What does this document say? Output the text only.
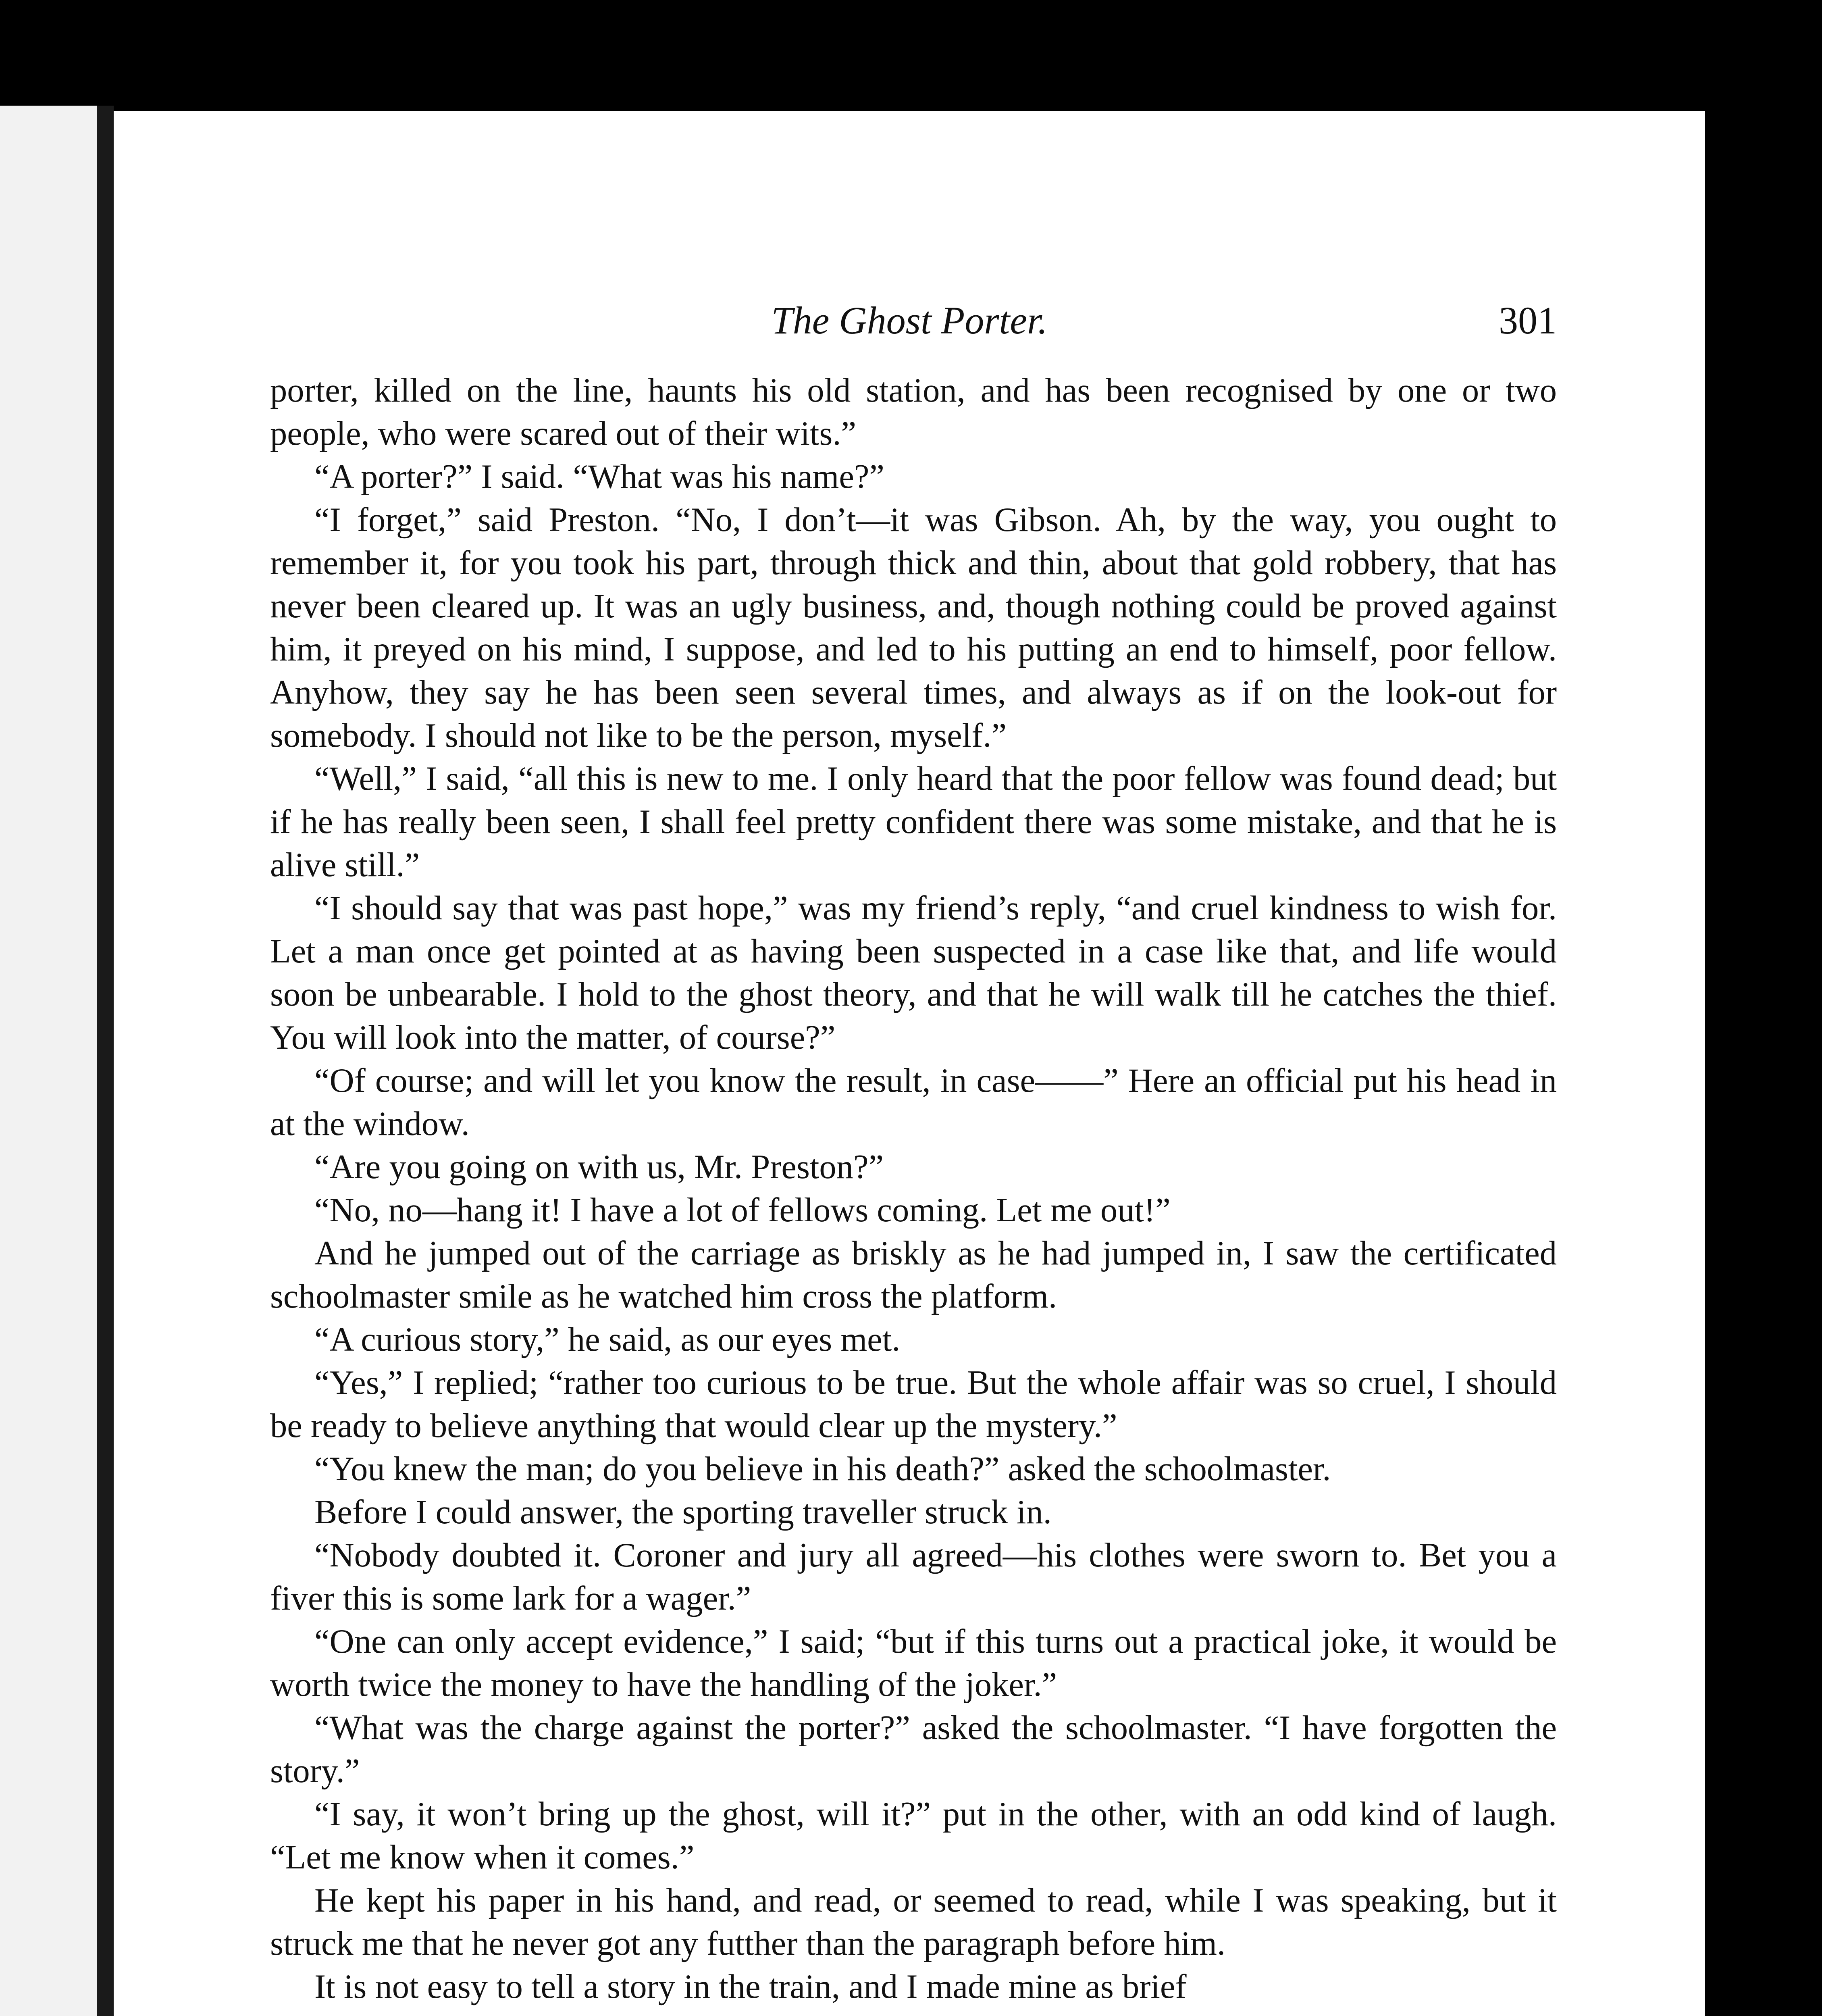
The Ghost Porter.	301

porter, killed on the line, haunts his old station, and has been recognised by one or two people, who were scared out of their wits.”

“A porter?” I said. “What was his name?”

“I forget,” said Preston. “No, I don’t—it was Gibson. Ah, by the way, you ought to remember it, for you took his part, through thick and thin, about that gold robbery, that has never been cleared up. It was an ugly business, and, though nothing could be proved against him, it preyed on his mind, I suppose, and led to his putting an end to himself, poor fellow. Anyhow, they say he has been seen several times, and always as if on the look-out for somebody. I should not like to be the person, myself.”

“Well,” I said, “all this is new to me. I only heard that the poor fellow was found dead; but if he has really been seen, I shall feel pretty confident there was some mistake, and that he is alive still.”

“I should say that was past hope,” was my friend’s reply, “and cruel kindness to wish for. Let a man once get pointed at as having been suspected in a case like that, and life would soon be unbearable. I hold to the ghost theory, and that he will walk till he catches the thief. You will look into the matter, of course?”

“Of course; and will let you know the result, in case——” Here an official put his head in at the window.

“Are you going on with us, Mr. Preston?”

“No, no—hang it! I have a lot of fellows coming. Let me out!”

And he jumped out of the carriage as briskly as he had jumped in, I saw the certificated schoolmaster smile as he watched him cross the platform.

“A curious story,” he said, as our eyes met.

“Yes,” I replied; “rather too curious to be true. But the whole affair was so cruel, I should be ready to believe anything that would clear up the mystery.”

“You knew the man; do you believe in his death?” asked the schoolmaster.

Before I could answer, the sporting traveller struck in.

“Nobody doubted it. Coroner and jury all agreed—his clothes were sworn to. Bet you a fiver this is some lark for a wager.”

“One can only accept evidence,” I said; “but if this turns out a practical joke, it would be worth twice the money to have the handling of the joker.”

“What was the charge against the porter?” asked the schoolmaster. “I have forgotten the story.”

“I say, it won’t bring up the ghost, will it?” put in the other, with an odd kind of laugh. “Let me know when it comes.”

He kept his paper in his hand, and read, or seemed to read, while I was speaking, but it struck me that he never got any futther than the paragraph before him.

It is not easy to tell a story in the train, and I made mine as brief
